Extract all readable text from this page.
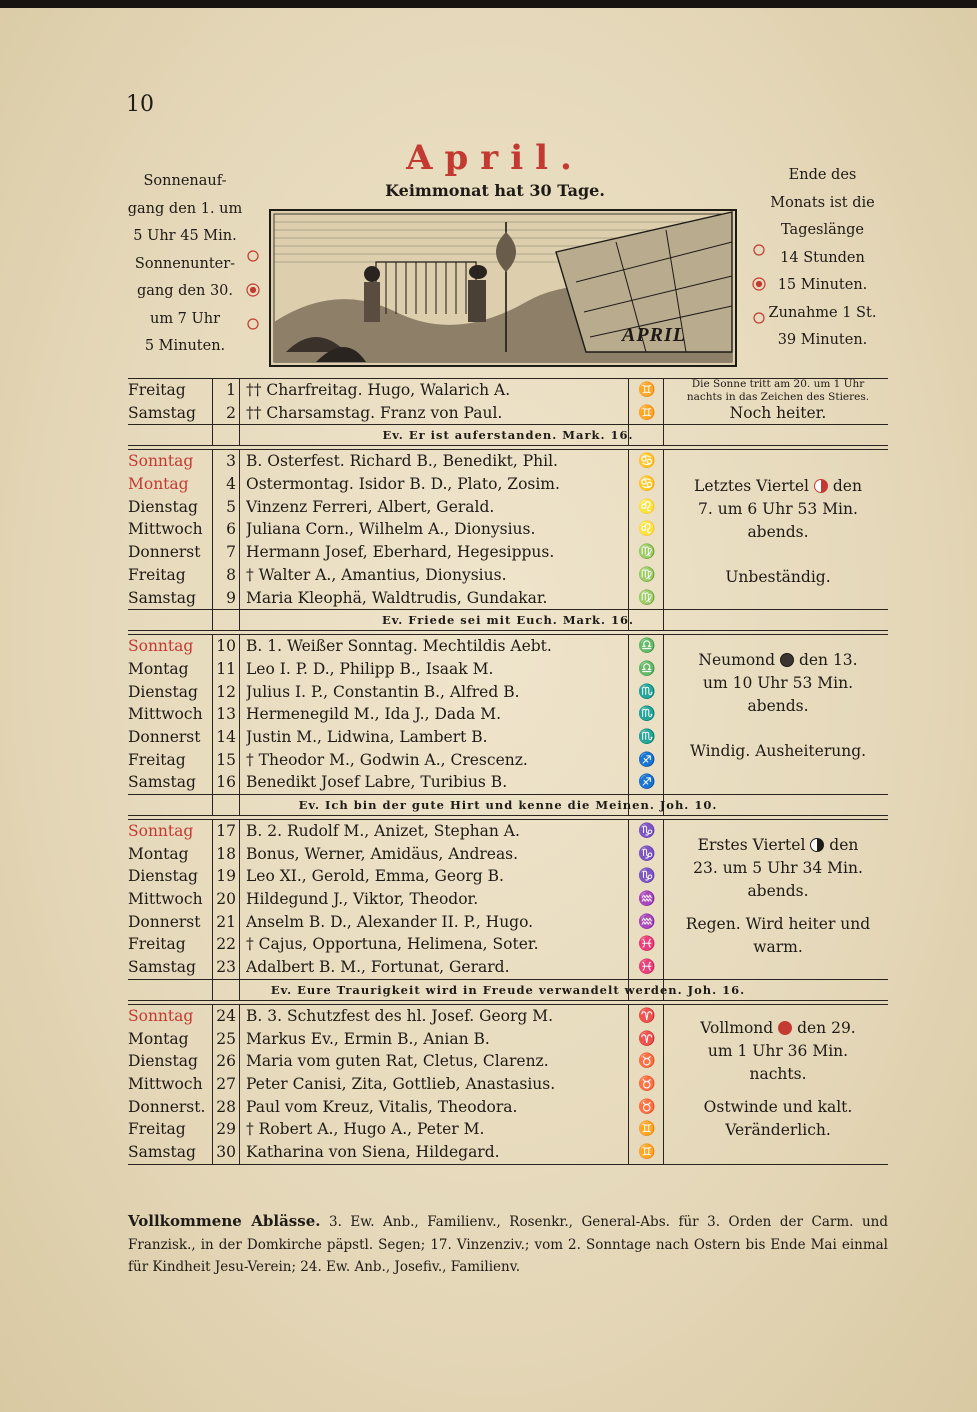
10
Sonnenauf-
gang den 1. um
5 Uhr 45 Min.
Sonnenunter-
gang den 30.
um 7 Uhr
5 Minuten.
Ende des
Monats ist die
Tageslänge
14 Stunden
15 Minuten.
Zunahme 1 St.
39 Minuten.
April.
Keimmonat hat 30 Tage.
APRIL
Freitag	1 †† Charfreitag. Hugo, Walarich A.	♊
Samstag	2 †† Charsamstag. Franz von Paul.	♊
Die Sonne tritt am 20. um 1 Uhr
nachts in das Zeichen des Stieres.
Noch heiter.
Ev. Er ist auferstanden. Mark. 16.
Sonntag	3 B. Osterfest. Richard B., Benedikt, Phil.	♋
Montag	4 Ostermontag. Isidor B. D., Plato, Zosim.	♋
Dienstag	5 Vinzenz Ferreri, Albert, Gerald.	♌
Mittwoch	6 Juliana Corn., Wilhelm A., Dionysius.	♌
Donnerst	7 Hermann Josef, Eberhard, Hegesippus.	♍
Freitag	8 † Walter A., Amantius, Dionysius.	♍
Samstag	9 Maria Kleophä, Waldtrudis, Gundakar.	♍
Letztes Viertel den
7. um 6 Uhr 53 Min.
abends.
Unbeständig.
Ev. Friede sei mit Euch. Mark. 16.
Sonntag	10 B. 1. Weißer Sonntag. Mechtildis Aebt.	♎
Montag	11 Leo I. P. D., Philipp B., Isaak M.	♎
Dienstag	12 Julius I. P., Constantin B., Alfred B.	♏
Mittwoch 13 Hermenegild M., Ida J., Dada M.	♏
Donnerst	14 Justin M., Lidwina, Lambert B.	♏
Freitag	15 † Theodor M., Godwin A., Crescenz.	♐
Samstag	16 Benedikt Josef Labre, Turibius B.	♐
Neumond den 13.
um 10 Uhr 53 Min.
abends.
Windig. Ausheiterung.
Ev. Ich bin der gute Hirt und kenne die Meinen. Joh. 10.
Sonntag	17 B. 2. Rudolf M., Anizet, Stephan A.	♑
Montag	18 Bonus, Werner, Amidäus, Andreas.	♑
Dienstag	19 Leo XI., Gerold, Emma, Georg B.	♑
Mittwoch 20 Hildegund J., Viktor, Theodor.	♒
Donnerst	21 Anselm B. D., Alexander II. P., Hugo.	♒
Freitag	22 † Cajus, Opportuna, Helimena, Soter.	♓
Samstag	23 Adalbert B. M., Fortunat, Gerard.	♓
Erstes Viertel den
23. um 5 Uhr 34 Min.
abends.
Regen. Wird heiter und
warm.
Ev. Eure Traurigkeit wird in Freude verwandelt werden. Joh. 16.
Sonntag	24 B. 3. Schutzfest des hl. Josef. Georg M.	♈
Montag	25 Markus Ev., Ermin B., Anian B.	♈
Dienstag	26 Maria vom guten Rat, Cletus, Clarenz.	♉
Mittwoch 27 Peter Canisi, Zita, Gottlieb, Anastasius.	♉
Donnerst. 28 Paul vom Kreuz, Vitalis, Theodora.	♉
Freitag	29 † Robert A., Hugo A., Peter M.	♊
Samstag	30 Katharina von Siena, Hildegard.	♊
Vollmond den 29.
um 1 Uhr 36 Min.
nachts.
Ostwinde und kalt.
Veränderlich.
Vollkommene Ablässe. 3. Ew. Anb., Familienv., Rosenkr., General-Abs. für 3. Orden der Carm. und Franzisk., in der Domkirche päpstl. Segen; 17. Vinzenziv.; vom 2. Sonntage nach Ostern bis Ende Mai einmal für Kindheit Jesu-Verein; 24. Ew. Anb., Josefiv., Familienv.
